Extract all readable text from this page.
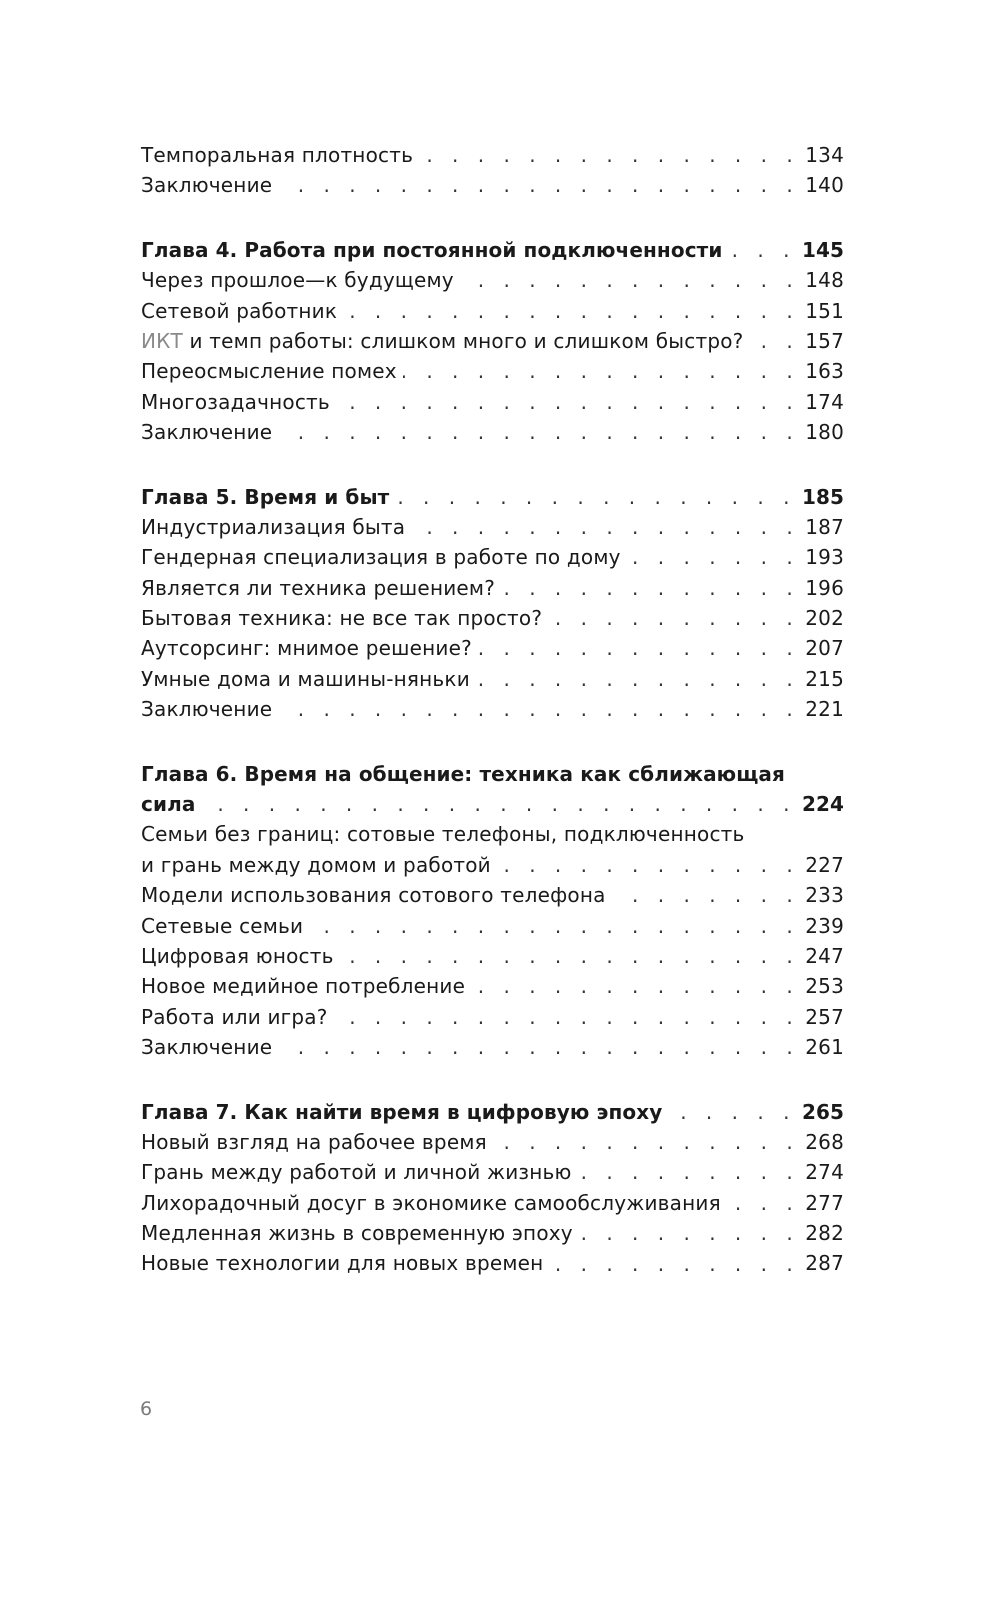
Темпоральная плотность . . .	134
Заключение . . .	140
Глава 4. Работа при постоянной подключенности . . .	145
Через прошлое—к будущему . . .	148
Сетевой работник . . .	151
ИКТ и темп работы: слишком много и слишком быстро? . . .	157
Переосмысление помех . . .	163
Многозадачность . . .	174
Заключение . . .	180
Глава 5. Время и быт . . .	185
Индустриализация быта . . .	187
Гендерная специализация в работе по дому . . .	193
Является ли техника решением? . . .	196
Бытовая техника: не все так просто? . . .	202
Аутсорсинг: мнимое решение? . . .	207
Умные дома и машины-няньки . . .	215
Заключение . . .	221
Глава 6. Время на общение: техника как сближающая
сила . . .	224
Семьи без границ: сотовые телефоны, подключенность
и грань между домом и работой . . .	227
Модели использования сотового телефона . . .	233
Сетевые семьи . . .	239
Цифровая юность . . .	247
Новое медийное потребление . . .	253
Работа или игра? . . .	257
Заключение . . .	261
Глава 7. Как найти время в цифровую эпоху . . .	265
Новый взгляд на рабочее время . . .	268
Грань между работой и личной жизнью . . .	274
Лихорадочный досуг в экономике самообслуживания . . .	277
Медленная жизнь в современную эпоху . . .	282
Новые технологии для новых времен . . .	287
6
